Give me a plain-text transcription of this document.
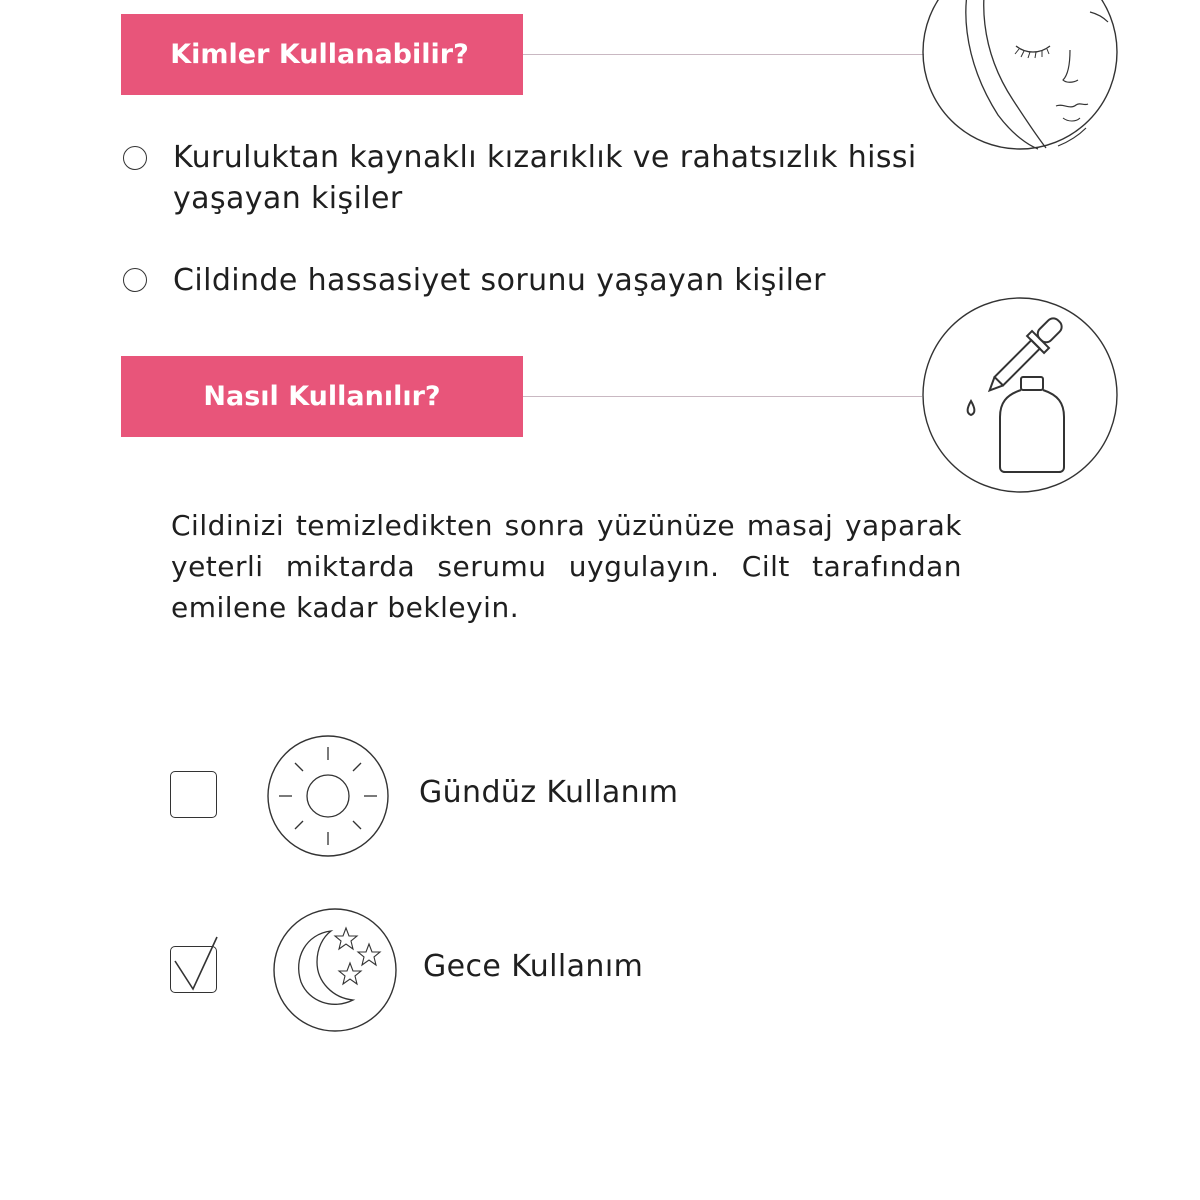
Kimler Kullanabilir?
Kuruluktan kaynaklı kızarıklık ve rahatsızlık hissi
yaşayan kişiler
Cildinde hassasiyet sorunu yaşayan kişiler
Nasıl Kullanılır?
Cildinizi temizledikten sonra yüzünüze masaj yaparak yeterli miktarda serumu uygulayın. Cilt tarafından emilene kadar bekleyin.
Gündüz Kullanım
Gece Kullanım
